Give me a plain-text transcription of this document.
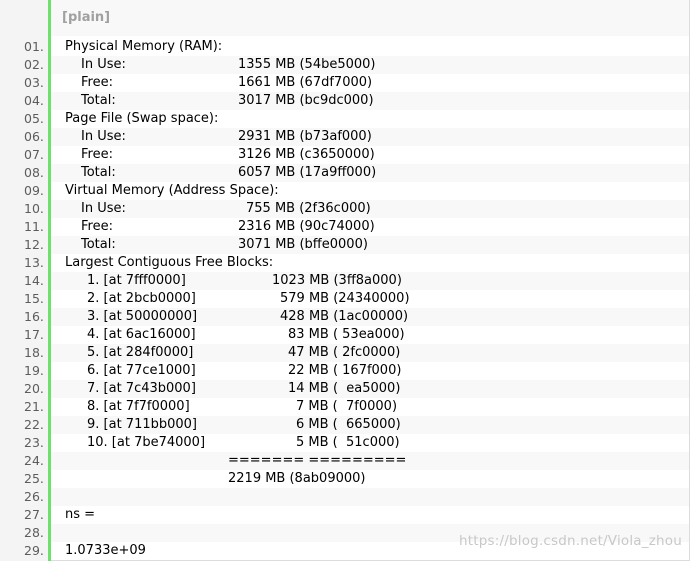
[plain]
01. Physical Memory (RAM):
02.	In Use:	1355 MB (54be5000)
03.	Free:	1661 MB (67df7000)
04.	Total:	3017 MB (bc9dc000)
05. Page File (Swap space):
06.	In Use:	2931 MB (b73af000)
07.	Free:	3126 MB (c3650000)
08.	Total:	6057 MB (17a9ff000)
09. Virtual Memory (Address Space):
10.	In Use:	755 MB (2f36c000)
11.	Free:	2316 MB (90c74000)
12.	Total:	3071 MB (bffe0000)
13. Largest Contiguous Free Blocks:
14.	1. [at 7fff0000]	1023 MB (3ff8a000)
15.	2. [at 2bcb0000]	579 MB (24340000)
16.	3. [at 50000000]	428 MB (1ac00000)
17.	4. [at 6ac16000]	83 MB ( 53ea000)
18.	5. [at 284f0000]	47 MB ( 2fc0000)
19.	6. [at 77ce1000]	22 MB ( 167f000)
20.	7. [at 7c43b000]	14 MB (  ea5000)
21.	8. [at 7f7f0000]	7 MB (  7f0000)
22.	9. [at 711bb000]	6 MB (  665000)
23.	10. [at 7be74000]	5 MB (  51c000)
24.	======= =========
25.	2219 MB (8ab09000)
26.
27. ns =
28.
29. 1.0733e+09
https://blog.csdn.net/Viola_zhou
